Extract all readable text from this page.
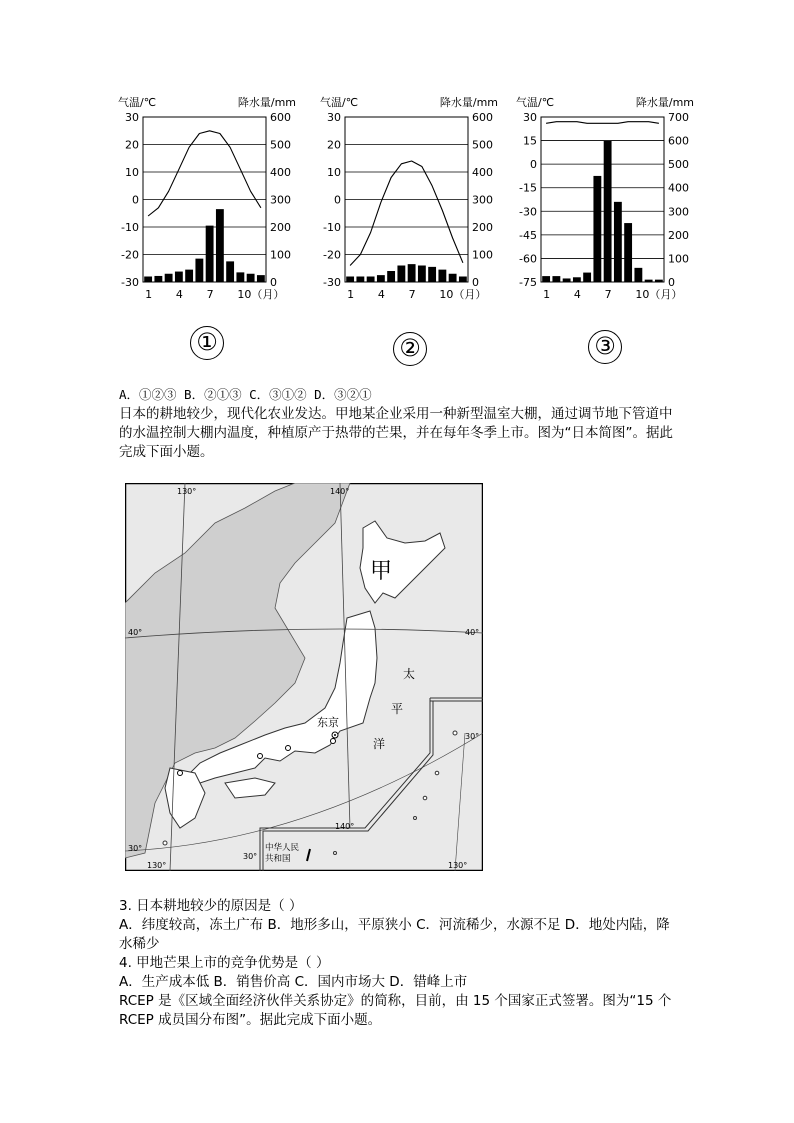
气温/℃	降水量/mm
30	600
20	500
10	400
0	300
-10	200
-20	100
-30	0
1 4 7 10（月）
①
气温/℃	降水量/mm
30	600
20	500
10	400
0	300
-10	200
-20	100
-30	0
1 4 7 10（月）
②
气温/℃	降水量/mm
30	700
15	600
0	500
-15	400
-30	300
-45	200
-60	100
-75	0
1 4 7 10（月）
③
A．①②③ B．②①③ C．③①② D．③②①
日本的耕地较少，现代化农业发达。甲地某企业采用一种新型温室大棚，通过调节地下管道中的水温控制大棚内温度，种植原产于热带的芒果，并在每年冬季上市。图为“日本简图”。据此完成下面小题。
甲
东京
太
平
洋
中华人民
共和国
130°	140°
40°	40°
30°
30°
30°
130°
140°
130°
3. 日本耕地较少的原因是（ ）
A．纬度较高，冻土广布 B．地形多山，平原狭小 C．河流稀少，水源不足 D．地处内陆，降水稀少
4. 甲地芒果上市的竞争优势是（ ）
A．生产成本低 B．销售价高 C．国内市场大 D．错峰上市
RCEP 是《区域全面经济伙伴关系协定》的简称，目前，由 15 个国家正式签署。图为“15 个 RCEP 成员国分布图”。据此完成下面小题。
